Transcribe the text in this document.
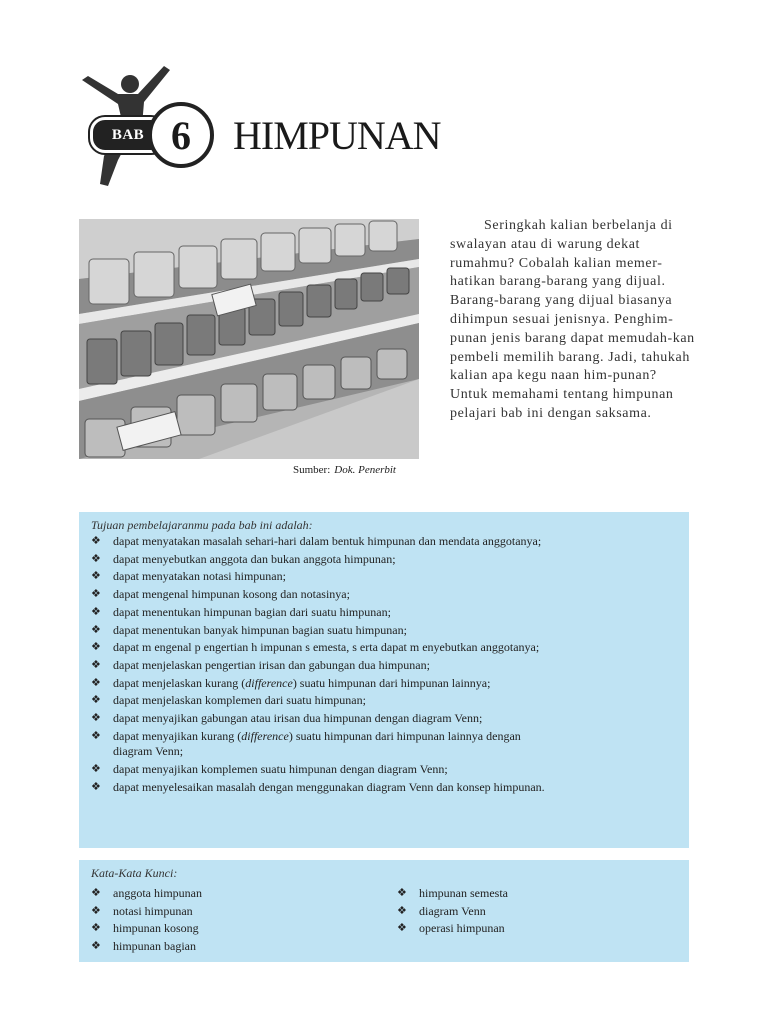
BAB 6 HIMPUNAN
Sumber: Dok. Penerbit

Seringkah kalian berbelanja di swalayan atau di warung dekat rumahmu? Cobalah kalian memer-hatikan barang-barang yang dijual. Barang-barang yang dijual biasanya dihimpun sesuai jenisnya. Penghim-punan jenis barang dapat memudah-kan pembeli memilih barang. Jadi, tahukah kalian apa kegu naan him-punan? Untuk memahami tentang himpunan pelajari bab ini dengan saksama.

Tujuan pembelajaranmu pada bab ini adalah:
❖ dapat menyatakan masalah sehari-hari dalam bentuk himpunan dan mendata anggotanya;
❖ dapat menyebutkan anggota dan bukan anggota himpunan;
❖ dapat menyatakan notasi himpunan;
❖ dapat mengenal himpunan kosong dan notasinya;
❖ dapat menentukan himpunan bagian dari suatu himpunan;
❖ dapat menentukan banyak himpunan bagian suatu himpunan;
❖ dapat m engenal p engertian h impunan s emesta, s erta dapat m enyebutkan anggotanya;
❖ dapat menjelaskan pengertian irisan dan gabungan dua himpunan;
❖ dapat menjelaskan kurang (difference) suatu himpunan dari himpunan lainnya;
❖ dapat menjelaskan komplemen dari suatu himpunan;
❖ dapat menyajikan gabungan atau irisan dua himpunan dengan diagram Venn;
❖ dapat menyajikan kurang (difference) suatu himpunan dari himpunan lainnya dengan diagram Venn;
❖ dapat menyajikan komplemen suatu himpunan dengan diagram Venn;
❖ dapat menyelesaikan masalah dengan menggunakan diagram Venn dan konsep himpunan.
Kata-Kata Kunci:
❖ anggota himpunan
❖ notasi himpunan
❖ himpunan kosong
❖ himpunan bagian
❖ himpunan semesta
❖ diagram Venn
❖ operasi himpunan
